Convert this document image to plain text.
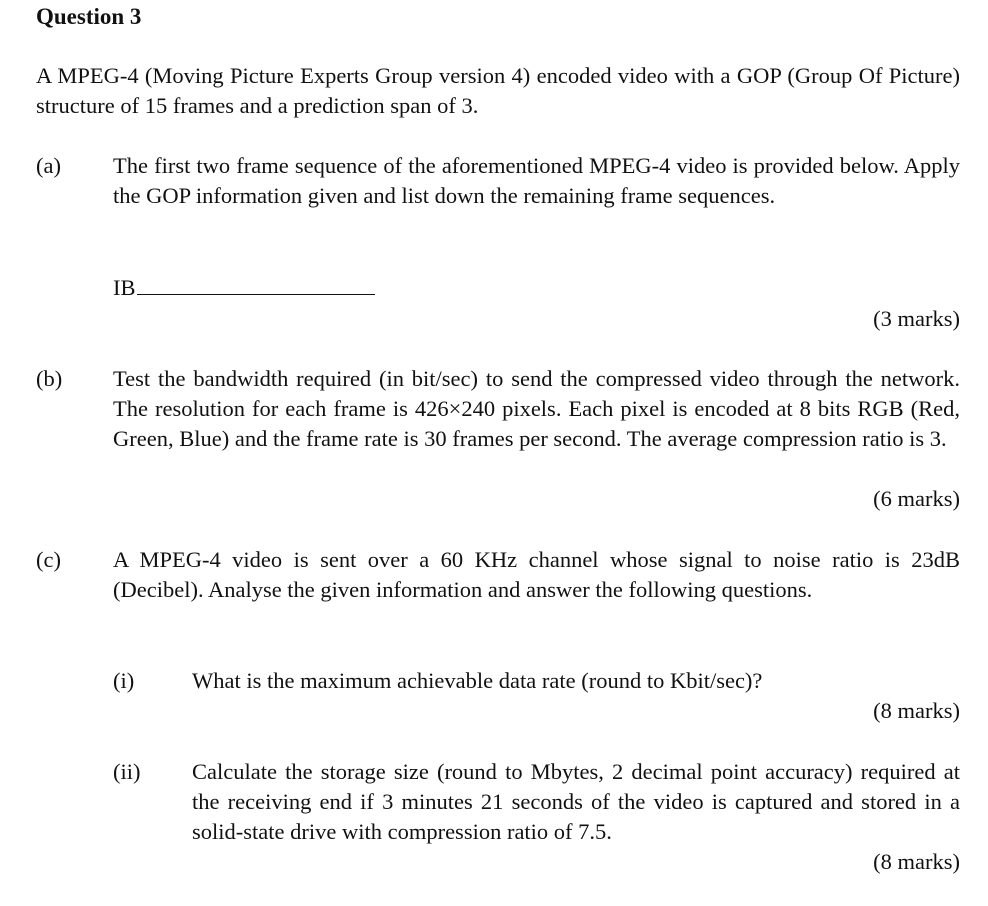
Question 3
A MPEG-4 (Moving Picture Experts Group version 4) encoded video with a GOP (Group Of Picture) structure of 15 frames and a prediction span of 3.
(a)	The first two frame sequence of the aforementioned MPEG-4 video is provided below. Apply the GOP information given and list down the remaining frame sequences.
IB
(3 marks)
(b)	Test the bandwidth required (in bit/sec) to send the compressed video through the network. The resolution for each frame is 426×240 pixels. Each pixel is encoded at 8 bits RGB (Red, Green, Blue) and the frame rate is 30 frames per second. The average compression ratio is 3.
(6 marks)
(c)	A MPEG-4 video is sent over a 60 KHz channel whose signal to noise ratio is 23dB (Decibel). Analyse the given information and answer the following questions.
(i)	What is the maximum achievable data rate (round to Kbit/sec)?
(8 marks)
(ii)	Calculate the storage size (round to Mbytes, 2 decimal point accuracy) required at the receiving end if 3 minutes 21 seconds of the video is captured and stored in a solid-state drive with compression ratio of 7.5.
(8 marks)
